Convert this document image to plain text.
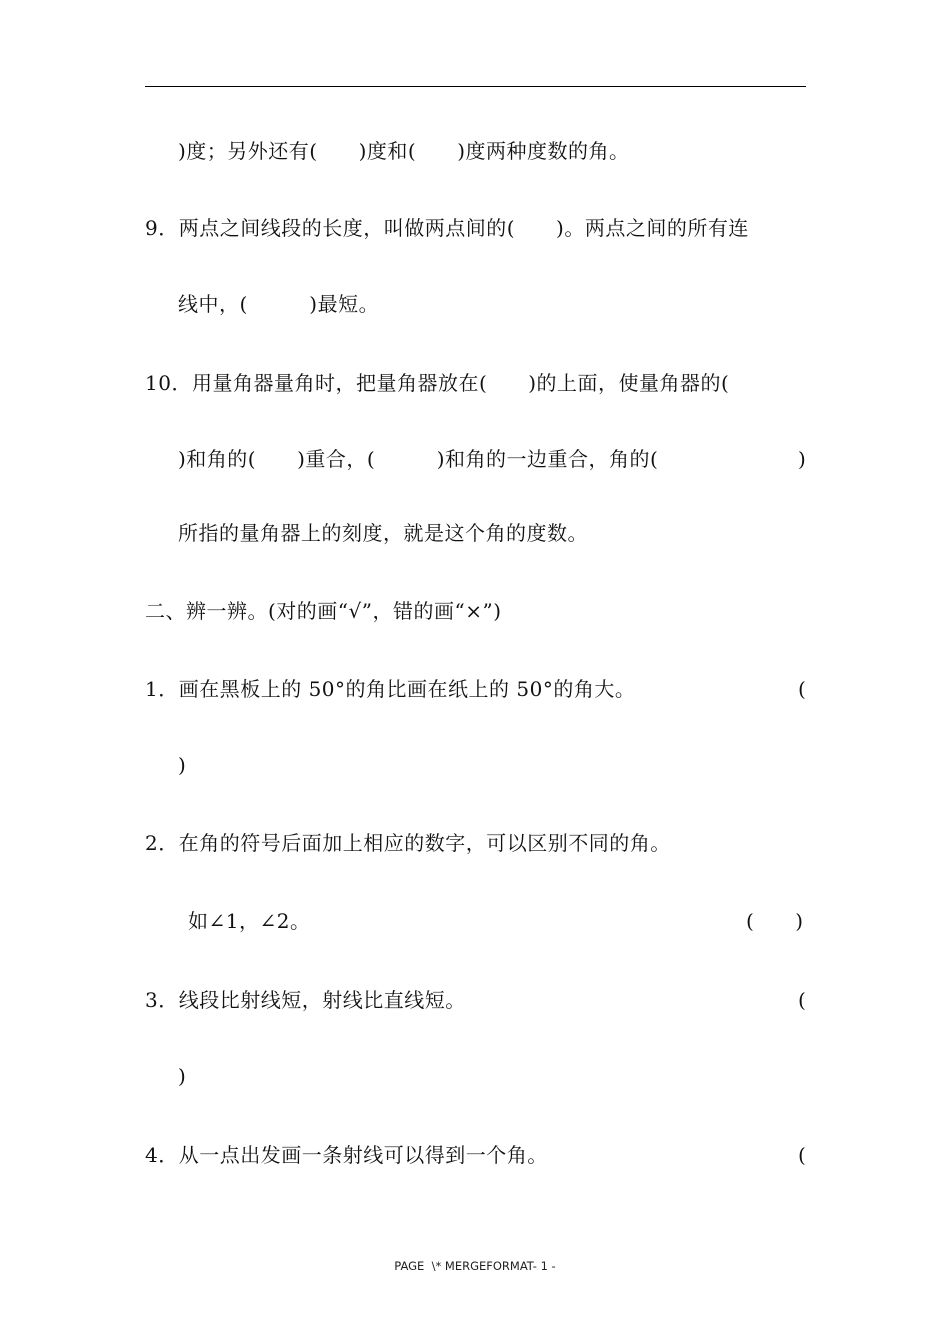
)度；另外还有(　　)度和(　　)度两种度数的角。
9．两点之间线段的长度，叫做两点间的(　　)。两点之间的所有连
线中，(　　　)最短。
10．用量角器量角时，把量角器放在(　　)的上面，使量角器的(
)和角的(　　)重合，(　　　)和角的一边重合，角的(	)
所指的量角器上的刻度，就是这个角的度数。
二、辨一辨。(对的画“√”，错的画“×”)
1．画在黑板上的 50°的角比画在纸上的 50°的角大。	(
)
2．在角的符号后面加上相应的数字，可以区别不同的角。
如∠1，∠2。	(　　)
3．线段比射线短，射线比直线短。	(
)
4．从一点出发画一条射线可以得到一个角。	(
PAGE  \* MERGEFORMAT- 1 -
